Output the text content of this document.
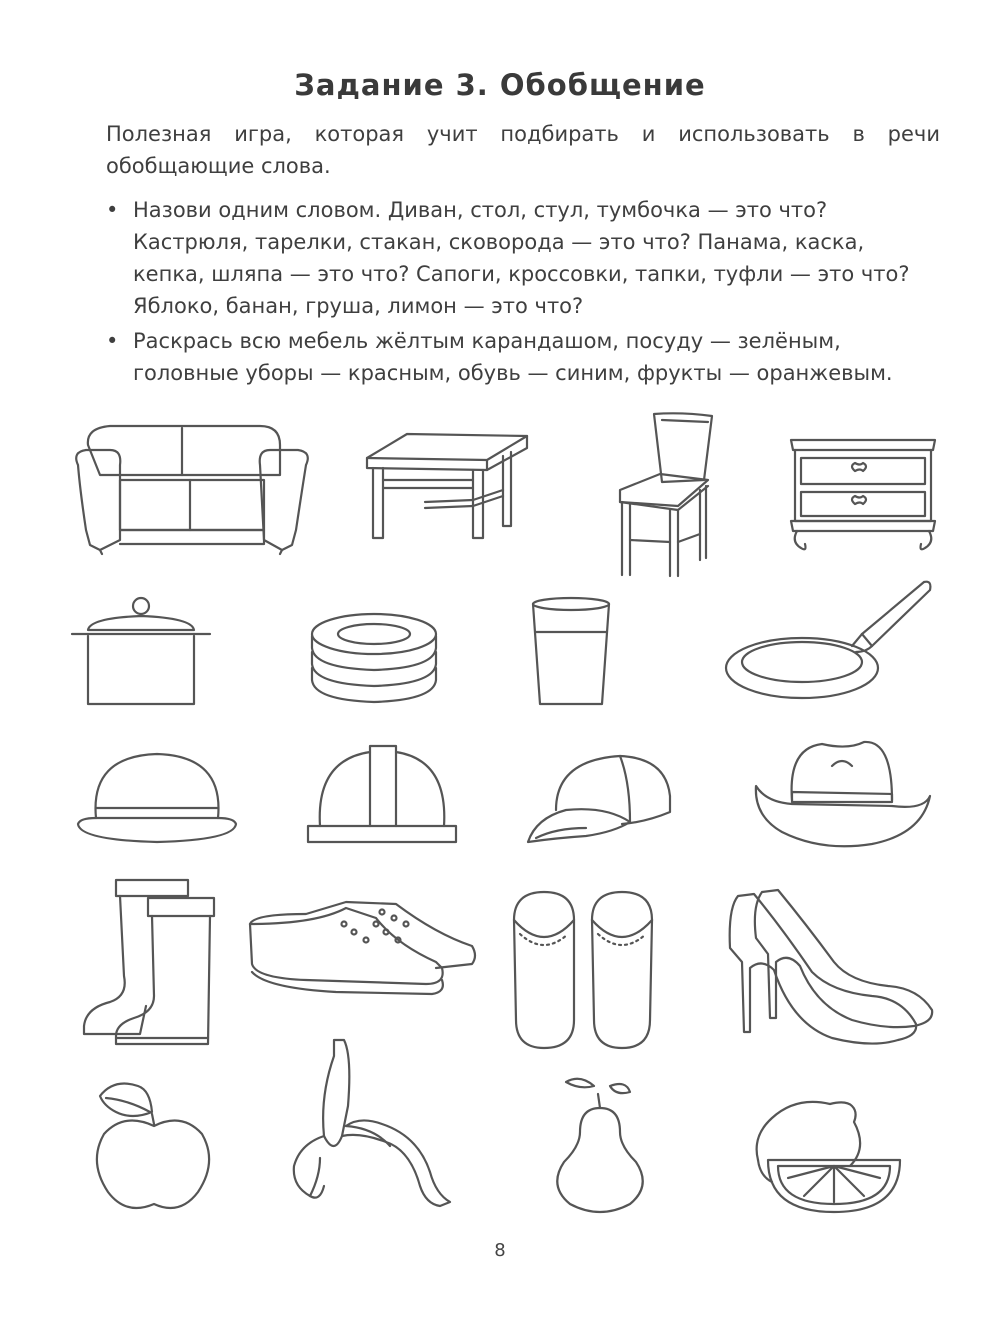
Задание 3. Обобщение
Полезная игра, которая учит подбирать и использовать в речи обобщающие слова.
• Назови одним словом. Диван, стол, стул, тумбочка — это что? Кастрюля, тарелки, стакан, сковорода — это что? Панама, каска, кепка, шляпа — это что? Сапоги, кроссовки, тапки, туфли — это что? Яблоко, банан, груша, лимон — это что?
• Раскрась всю мебель жёлтым карандашом, посуду — зелёным, головные уборы — красным, обувь — синим, фрукты — оранжевым.
8
